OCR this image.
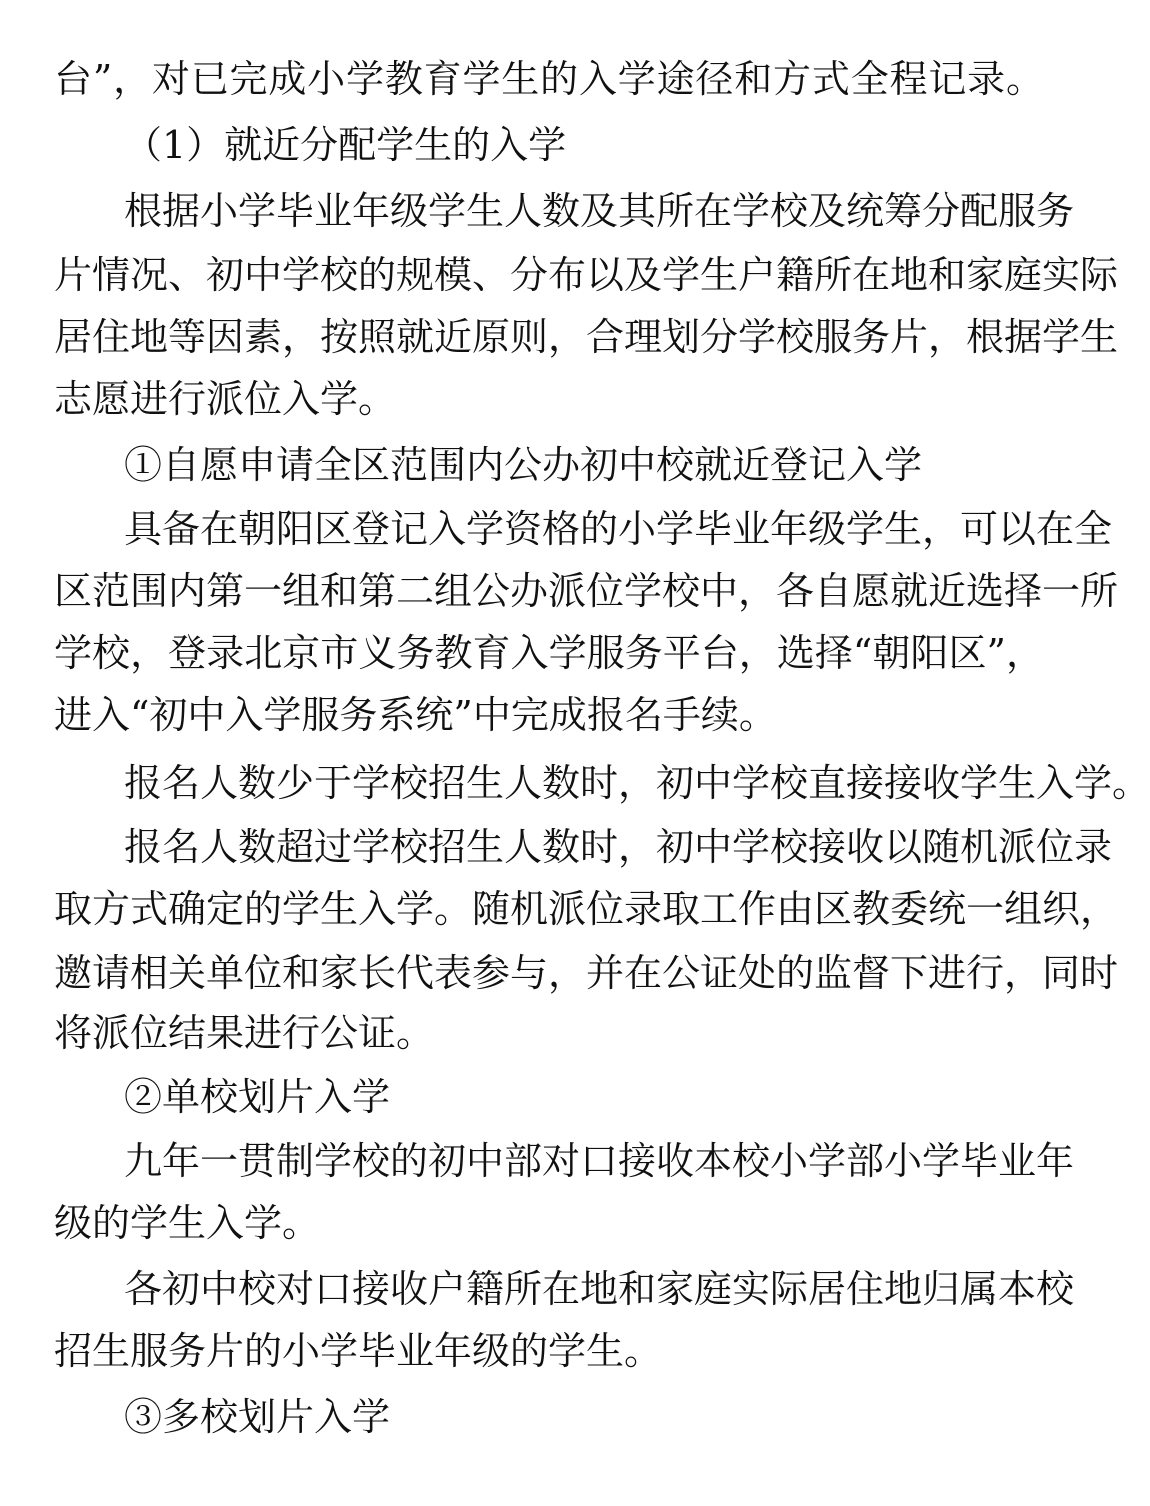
台”，对已完成小学教育学生的入学途径和方式全程记录。
（1）就近分配学生的入学
根据小学毕业年级学生人数及其所在学校及统筹分配服务
片情况、初中学校的规模、分布以及学生户籍所在地和家庭实际
居住地等因素，按照就近原则，合理划分学校服务片，根据学生
志愿进行派位入学。
①自愿申请全区范围内公办初中校就近登记入学
具备在朝阳区登记入学资格的小学毕业年级学生，可以在全
区范围内第一组和第二组公办派位学校中，各自愿就近选择一所
学校，登录北京市义务教育入学服务平台，选择“朝阳区”，
进入“初中入学服务系统”中完成报名手续。
报名人数少于学校招生人数时，初中学校直接接收学生入学。
报名人数超过学校招生人数时，初中学校接收以随机派位录
取方式确定的学生入学。随机派位录取工作由区教委统一组织，
邀请相关单位和家长代表参与，并在公证处的监督下进行，同时
将派位结果进行公证。
②单校划片入学
九年一贯制学校的初中部对口接收本校小学部小学毕业年
级的学生入学。
各初中校对口接收户籍所在地和家庭实际居住地归属本校
招生服务片的小学毕业年级的学生。
③多校划片入学
